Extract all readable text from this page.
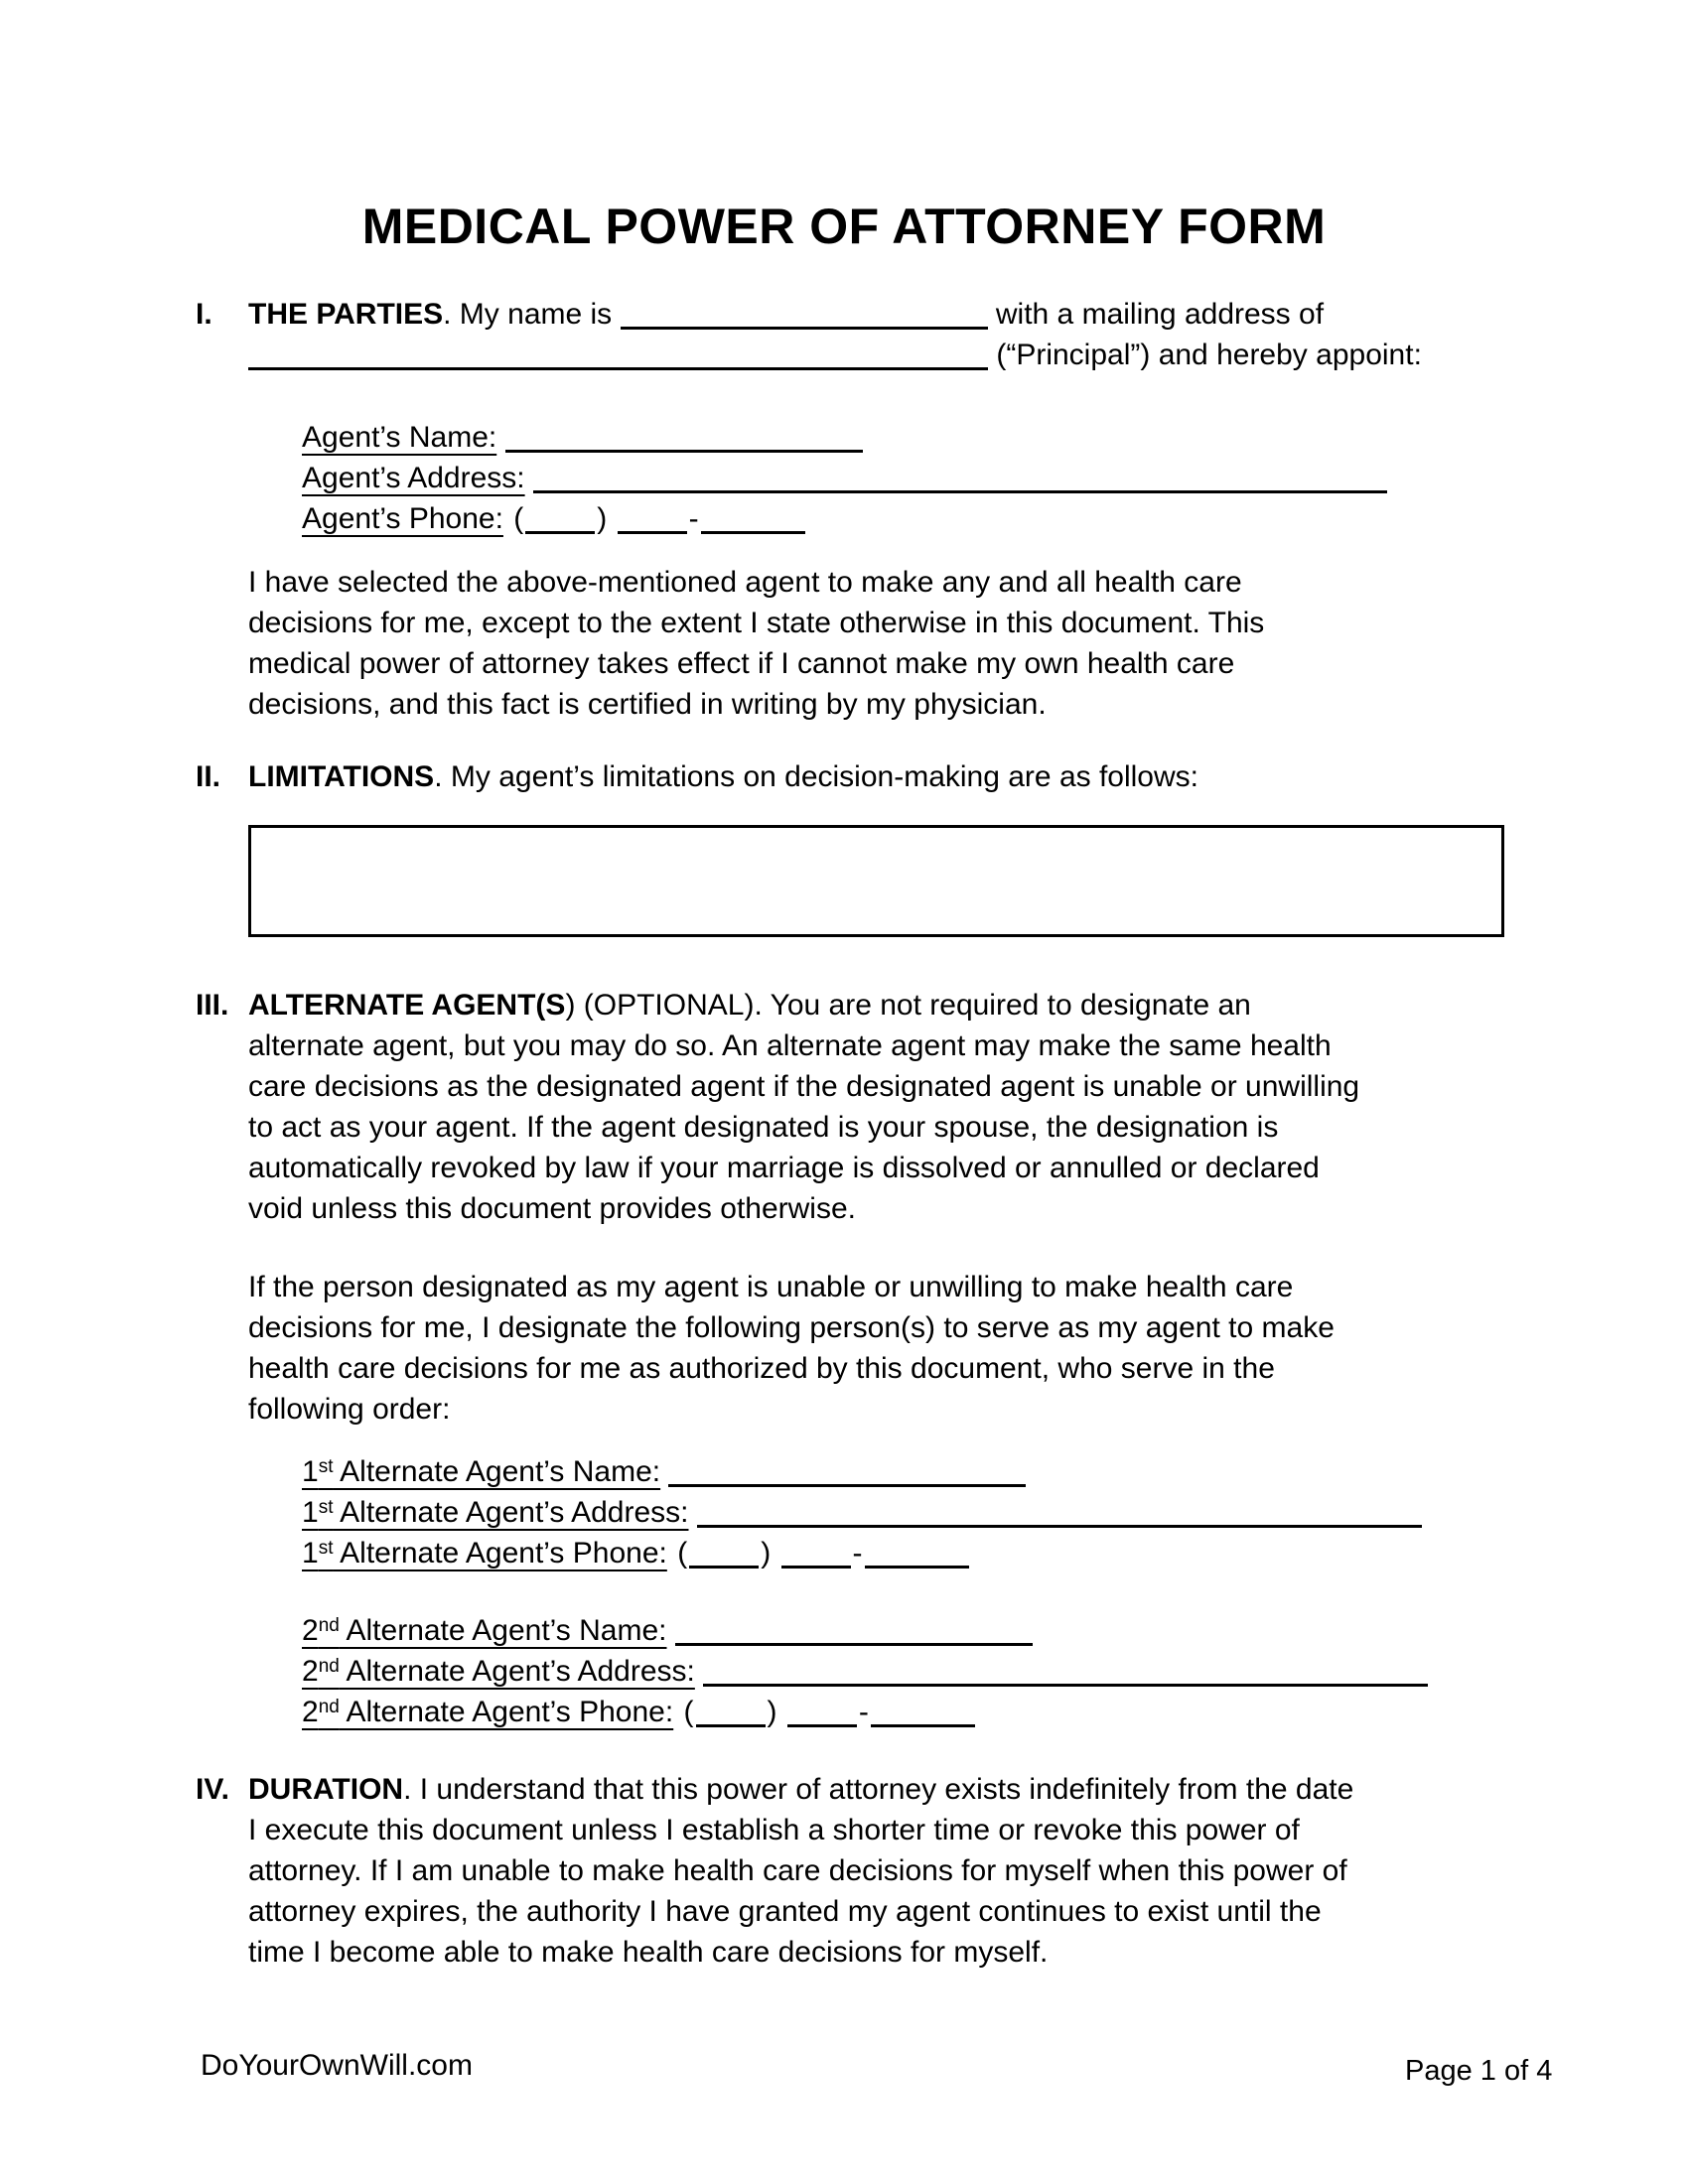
MEDICAL POWER OF ATTORNEY FORM
I. THE PARTIES. My name is	with a mailing address of
(“Principal”) and hereby appoint:
Agent’s Name:
Agent’s Address:
Agent’s Phone: ( )	-
I have selected the above-mentioned agent to make any and all health care
decisions for me, except to the extent I state otherwise in this document. This
medical power of attorney takes effect if I cannot make my own health care
decisions, and this fact is certified in writing by my physician.
II. LIMITATIONS. My agent’s limitations on decision-making are as follows:
III. ALTERNATE AGENT(S) (OPTIONAL). You are not required to designate an
alternate agent, but you may do so. An alternate agent may make the same health
care decisions as the designated agent if the designated agent is unable or unwilling
to act as your agent. If the agent designated is your spouse, the designation is
automatically revoked by law if your marriage is dissolved or annulled or declared
void unless this document provides otherwise.
If the person designated as my agent is unable or unwilling to make health care
decisions for me, I designate the following person(s) to serve as my agent to make
health care decisions for me as authorized by this document, who serve in the
following order:
1st Alternate Agent’s Name:
1st Alternate Agent’s Address:
1st Alternate Agent’s Phone: ( )	-
2nd Alternate Agent’s Name:
2nd Alternate Agent’s Address:
2nd Alternate Agent’s Phone: ( )	-
IV. DURATION. I understand that this power of attorney exists indefinitely from the date
I execute this document unless I establish a shorter time or revoke this power of
attorney. If I am unable to make health care decisions for myself when this power of
attorney expires, the authority I have granted my agent continues to exist until the
time I become able to make health care decisions for myself.
DoYourOwnWill.com	Page 1 of 4
